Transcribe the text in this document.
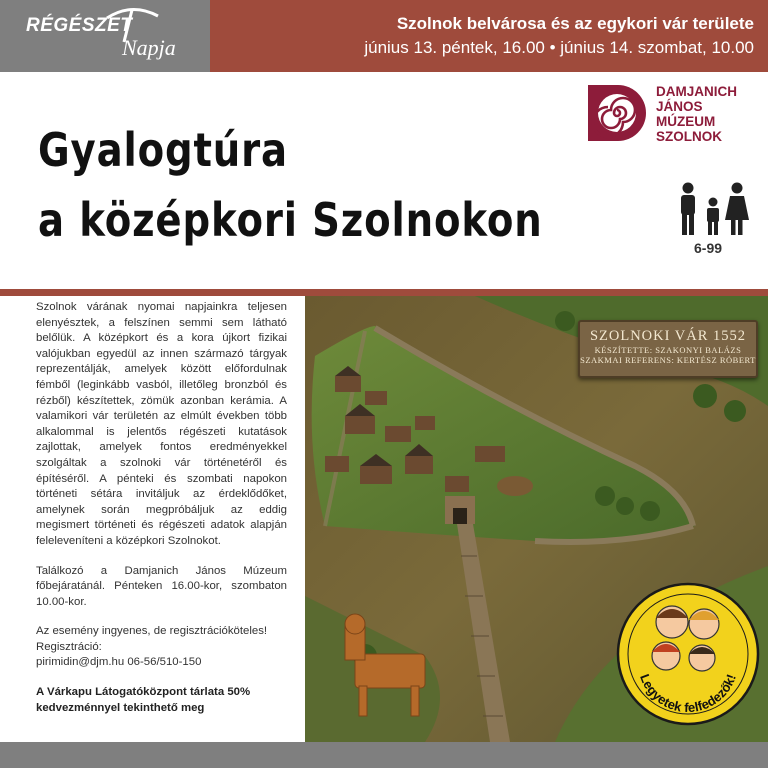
RÉGÉSZET
Napja
Szolnok belvárosa és az egykori vár területe
június 13. péntek, 16.00 • június 14. szombat, 10.00
DAMJANICH
JÁNOS
MÚZEUM
SZOLNOK
Gyalogtúra
a középkori Szolnokon
6-99

Szolnok várának nyomai napjainkra teljesen elenyésztek, a felszínen semmi sem látható belőlük. A középkort és a kora újkort fizikai valójukban egyedül az innen származó tárgyak reprezentálják, amelyek között előfordulnak fémből (leginkább vasból, illetőleg bronzból és rézből) készítettek, zömük azonban kerámia. A valamikori vár területén az elmúlt években több alkalommal is jelentős régészeti kutatások zajlottak, amelyek fontos eredményekkel szolgáltak a szolnoki vár történetéről és építéséről. A pénteki és szombati napokon történeti sétára invitáljuk az érdeklődőket, amelynek során megpróbáljuk az eddig megismert történeti és régészeti adatok alapján feleleveníteni a középkori Szolnokot.

Találkozó a Damjanich János Múzeum főbejáratánál. Pénteken 16.00-kor, szombaton 10.00-kor.

Az esemény ingyenes, de regisztrációköteles!

Regisztráció:

pirimidin@djm.hu 06-56/510-150

A Várkapu Látogatóközpont tárlata 50% kedvezménnyel tekinthető meg

SZOLNOKI VÁR 1552
KÉSZÍTETTE: SZAKONYI BALÁZS
SZAKMAI REFERENS: KERTÉSZ RÓBERT
Legyetek felfedezők!
